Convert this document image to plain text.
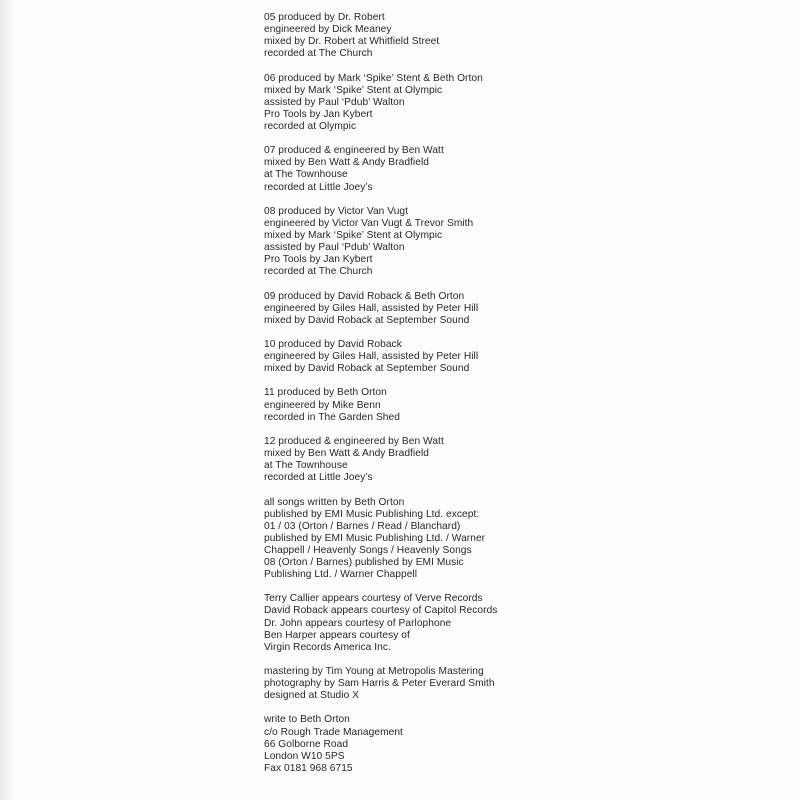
05 produced by Dr. Robert
engineered by Dick Meaney
mixed by Dr. Robert at Whitfield Street
recorded at The Church
06 produced by Mark ‘Spike’ Stent & Beth Orton
mixed by Mark ‘Spike’ Stent at Olympic
assisted by Paul ‘Pdub’ Walton
Pro Tools by Jan Kybert
recorded at Olympic
07 produced & engineered by Ben Watt
mixed by Ben Watt & Andy Bradfield
at The Townhouse
recorded at Little Joey’s
08 produced by Victor Van Vugt
engineered by Victor Van Vugt & Trevor Smith
mixed by Mark ‘Spike’ Stent at Olympic
assisted by Paul ‘Pdub’ Walton
Pro Tools by Jan Kybert
recorded at The Church
09 produced by David Roback & Beth Orton
engineered by Giles Hall, assisted by Peter Hill
mixed by David Roback at September Sound
10 produced by David Roback
engineered by Giles Hall, assisted by Peter Hill
mixed by David Roback at September Sound
11 produced by Beth Orton
engineered by Mike Benn
recorded in The Garden Shed
12 produced & engineered by Ben Watt
mixed by Ben Watt & Andy Bradfield
at The Townhouse
recorded at Little Joey’s
all songs written by Beth Orton
published by EMI Music Publishing Ltd. except:
01 / 03 (Orton / Barnes / Read / Blanchard)
published by EMI Music Publishing Ltd. / Warner
Chappell / Heavenly Songs / Heavenly Songs
08 (Orton / Barnes) published by EMI Music
Publishing Ltd. / Warner Chappell
Terry Callier appears courtesy of Verve Records
David Roback appears courtesy of Capitol Records
Dr. John appears courtesy of Parlophone
Ben Harper appears courtesy of
Virgin Records America Inc.
mastering by Tim Young at Metropolis Mastering
photography by Sam Harris & Peter Everard Smith
designed at Studio X
write to Beth Orton
c/o Rough Trade Management
66 Golborne Road
London W10 5PS
Fax 0181 968 6715
